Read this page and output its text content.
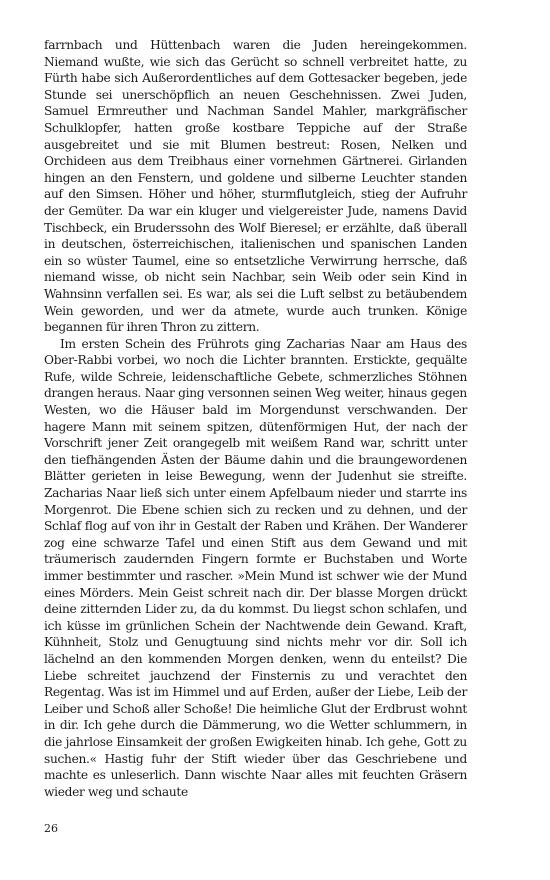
farrnbach und Hüttenbach waren die Juden hereingekommen. Niemand wußte, wie sich das Gerücht so schnell verbreitet hatte, zu Fürth habe sich Außerordentliches auf dem Gottesacker begeben, jede Stunde sei unerschöpflich an neuen Geschehnissen. Zwei Juden, Samuel Ermreuther und Nachman Sandel Mahler, markgräfischer Schulklopfer, hatten große kostbare Teppiche auf der Straße ausgebreitet und sie mit Blumen bestreut: Rosen, Nelken und Orchideen aus dem Treibhaus einer vornehmen Gärtnerei. Girlanden hingen an den Fenstern, und goldene und silberne Leuchter standen auf den Simsen. Höher und höher, sturmflutgleich, stieg der Aufruhr der Gemüter. Da war ein kluger und vielgereister Jude, namens David Tischbeck, ein Bruderssohn des Wolf Bieresel; er erzählte, daß überall in deutschen, österreichischen, italienischen und spanischen Landen ein so wüster Taumel, eine so entsetzliche Verwirrung herrsche, daß niemand wisse, ob nicht sein Nachbar, sein Weib oder sein Kind in Wahnsinn verfallen sei. Es war, als sei die Luft selbst zu betäubendem Wein geworden, und wer da atmete, wurde auch trunken. Könige begannen für ihren Thron zu zittern.

Im ersten Schein des Frührots ging Zacharias Naar am Haus des Ober-Rabbi vorbei, wo noch die Lichter brannten. Erstickte, gequälte Rufe, wilde Schreie, leidenschaftliche Gebete, schmerzliches Stöhnen drangen heraus. Naar ging versonnen seinen Weg weiter, hinaus gegen Westen, wo die Häuser bald im Morgendunst verschwanden. Der hagere Mann mit seinem spitzen, dütenförmigen Hut, der nach der Vorschrift jener Zeit orangegelb mit weißem Rand war, schritt unter den tiefhängenden Ästen der Bäume dahin und die braungewordenen Blätter gerieten in leise Bewegung, wenn der Judenhut sie streifte. Zacharias Naar ließ sich unter einem Apfelbaum nieder und starrte ins Morgenrot. Die Ebene schien sich zu recken und zu dehnen, und der Schlaf flog auf von ihr in Gestalt der Raben und Krähen. Der Wanderer zog eine schwarze Tafel und einen Stift aus dem Gewand und mit träumerisch zaudernden Fingern formte er Buchstaben und Worte immer bestimmter und rascher. »Mein Mund ist schwer wie der Mund eines Mörders. Mein Geist schreit nach dir. Der blasse Morgen drückt deine zitternden Lider zu, da du kommst. Du liegst schon schlafen, und ich küsse im grünlichen Schein der Nachtwende dein Gewand. Kraft, Kühnheit, Stolz und Genugtuung sind nichts mehr vor dir. Soll ich lächelnd an den kommenden Morgen denken, wenn du enteilst? Die Liebe schreitet jauchzend der Finsternis zu und verachtet den Regentag. Was ist im Himmel und auf Erden, außer der Liebe, Leib der Leiber und Schoß aller Schoße! Die heimliche Glut der Erdbrust wohnt in dir. Ich gehe durch die Dämmerung, wo die Wetter schlummern, in die jahrlose Einsamkeit der großen Ewigkeiten hinab. Ich gehe, Gott zu suchen.« Hastig fuhr der Stift wieder über das Geschriebene und machte es unleserlich. Dann wischte Naar alles mit feuchten Gräsern wieder weg und schaute

26
